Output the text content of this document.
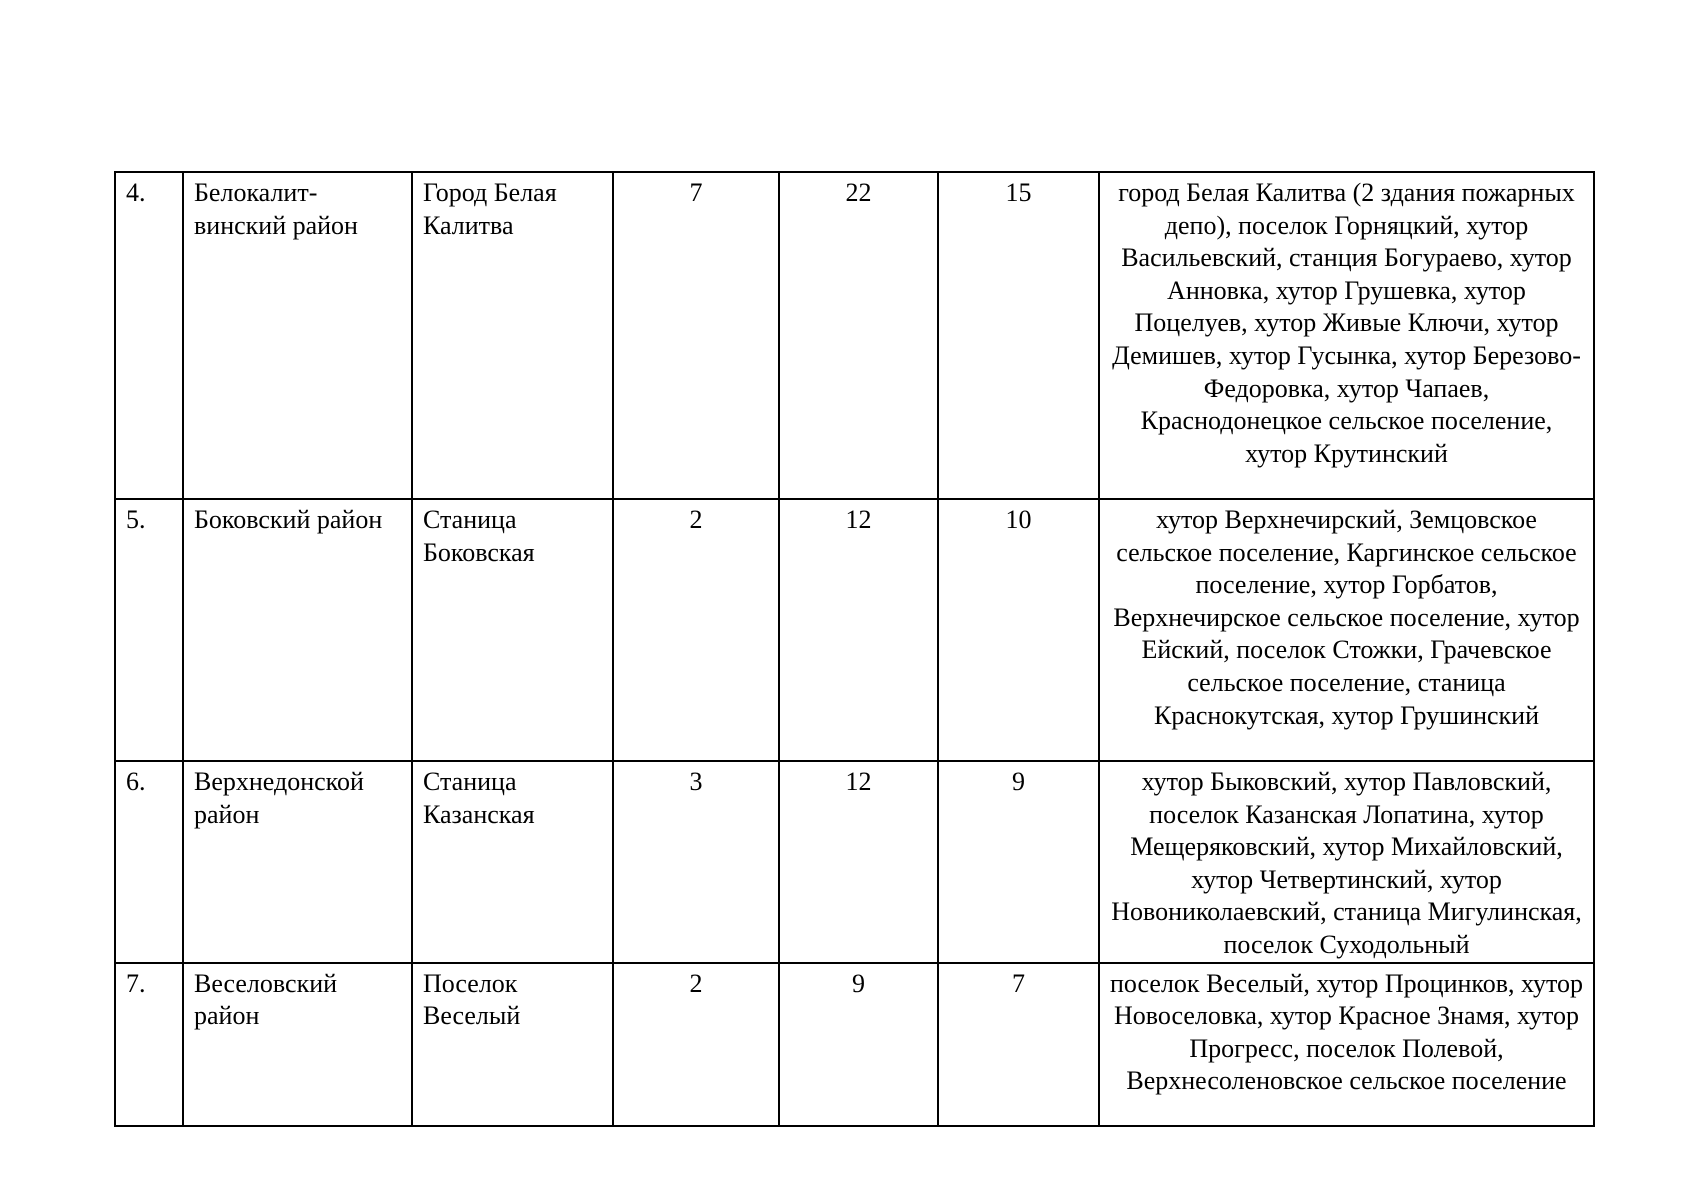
4.	Белокалит-винский район	Город Белая Калитва	7	22	15	город Белая Калитва (2 здания пожарных депо), поселок Горняцкий, хутор Васильевский, станция Богураево, хутор Анновка, хутор Грушевка, хутор Поцелуев, хутор Живые Ключи, хутор Демишев, хутор Гусынка, хутор Березово-Федоровка, хутор Чапаев, Краснодонецкое сельское поселение, хутор Крутинский
5.	Боковский район	Станица Боковская	2	12	10	хутор Верхнечирский, Земцовское сельское поселение, Каргинское сельское поселение, хутор Горбатов, Верхнечирское сельское поселение, хутор Ейский, поселок Стожки, Грачевское сельское поселение, станица Краснокутская, хутор Грушинский
6.	Верхнедонской район	Станица Казанская	3	12	9	хутор Быковский, хутор Павловский, поселок Казанская Лопатина, хутор Мещеряковский, хутор Михайловский, хутор Четвертинский, хутор Новониколаевский, станица Мигулинская, поселок Суходольный
7.	Веселовский район	Поселок Веселый	2	9	7	поселок Веселый, хутор Процинков, хутор Новоселовка, хутор Красное Знамя, хутор Прогресс, поселок Полевой, Верхнесоленовское сельское поселение
